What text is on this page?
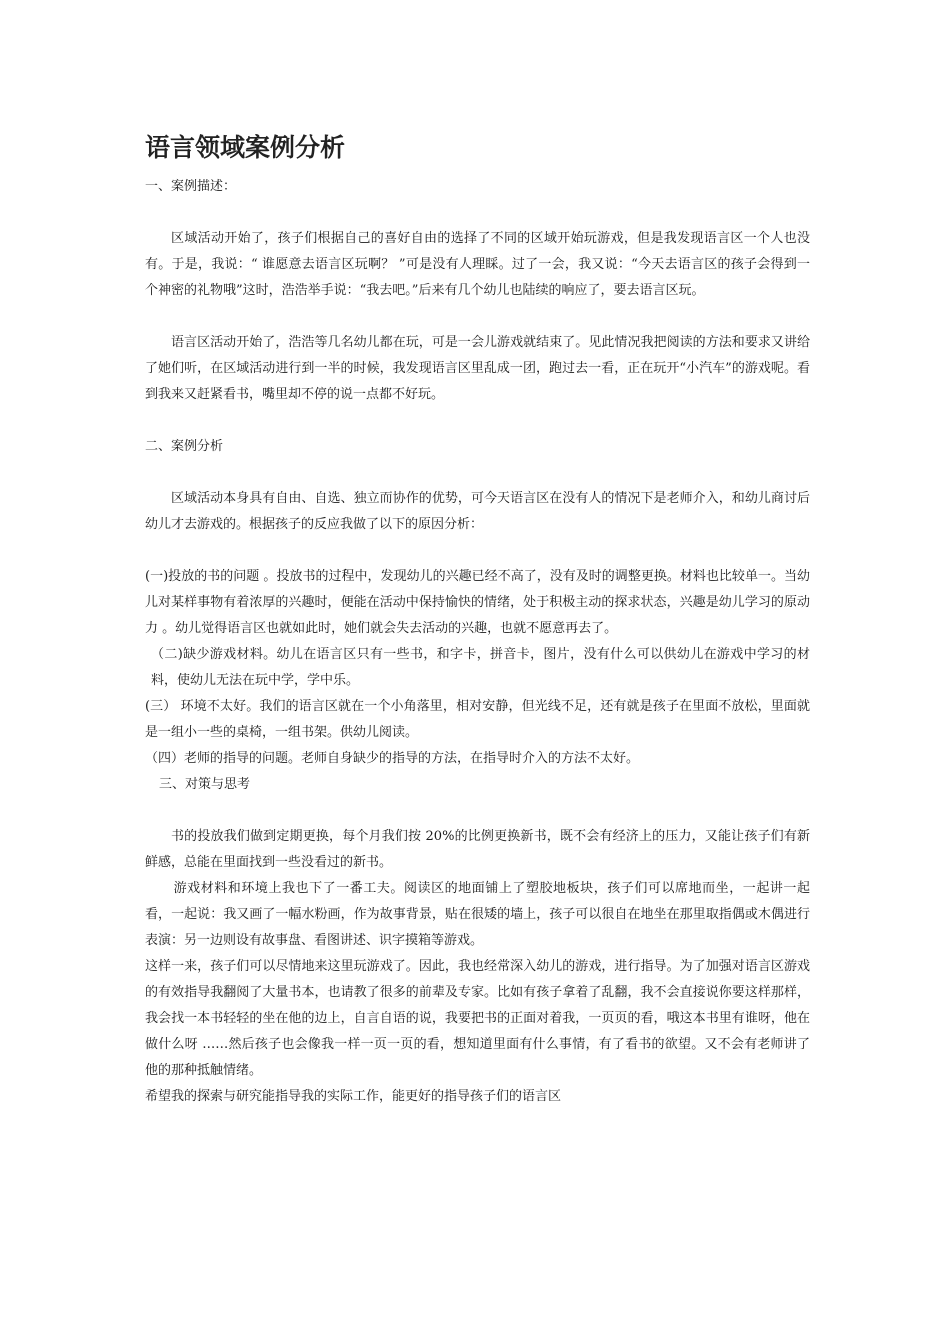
语言领域案例分析

一、案例描述：

区域活动开始了，孩子们根据自己的喜好自由的选择了不同的区域开始玩游戏，但是我发现语言区一个人也没有。于是，我说：“ 谁愿意去语言区玩啊？ ”可是没有人理睬。过了一会，我又说：“今天去语言区的孩子会得到一个神密的礼物哦”这时，浩浩举手说：“我去吧。”后来有几个幼儿也陆续的响应了，要去语言区玩。

语言区活动开始了，浩浩等几名幼儿都在玩，可是一会儿游戏就结束了。见此情况我把阅读的方法和要求又讲给了她们听，在区域活动进行到一半的时候，我发现语言区里乱成一团，跑过去一看，正在玩开“小汽车”的游戏呢。看到我来又赶紧看书，嘴里却不停的说一点都不好玩。

二、案例分析

区域活动本身具有自由、自选、独立而协作的优势，可今天语言区在没有人的情况下是老师介入，和幼儿商讨后幼儿才去游戏的。根据孩子的反应我做了以下的原因分析：

(一)投放的书的问题 。投放书的过程中，发现幼儿的兴趣已经不高了，没有及时的调整更换。材料也比较单一。当幼儿对某样事物有着浓厚的兴趣时，便能在活动中保持愉快的情绪，处于积极主动的探求状态，兴趣是幼儿学习的原动力 。幼儿觉得语言区也就如此时，她们就会失去活动的兴趣，也就不愿意再去了。

（二)缺少游戏材料。幼儿在语言区只有一些书，和字卡，拼音卡，图片，没有什么可以供幼儿在游戏中学习的材料，使幼儿无法在玩中学，学中乐。

(三） 环境不太好。我们的语言区就在一个小角落里，相对安静，但光线不足，还有就是孩子在里面不放松，里面就是一组小一些的桌椅，一组书架。供幼儿阅读。

（四）老师的指导的问题。老师自身缺少的指导的方法，在指导时介入的方法不太好。

三、对策与思考

书的投放我们做到定期更换，每个月我们按 20%的比例更换新书，既不会有经济上的压力，又能让孩子们有新鲜感，总能在里面找到一些没看过的新书。

游戏材料和环境上我也下了一番工夫。阅读区的地面铺上了塑胶地板块，孩子们可以席地而坐，一起讲一起看，一起说：我又画了一幅水粉画，作为故事背景，贴在很矮的墙上，孩子可以很自在地坐在那里取指偶或木偶进行表演：另一边则设有故事盘、看图讲述、识字摸箱等游戏。

这样一来，孩子们可以尽情地来这里玩游戏了。因此，我也经常深入幼儿的游戏，进行指导。为了加强对语言区游戏的有效指导我翻阅了大量书本，也请教了很多的前辈及专家。比如有孩子拿着了乱翻，我不会直接说你要这样那样，我会找一本书轻轻的坐在他的边上，自言自语的说，我要把书的正面对着我，一页页的看，哦这本书里有谁呀，他在做什么呀 ……然后孩子也会像我一样一页一页的看，想知道里面有什么事情，有了看书的欲望。又不会有老师讲了他的那种抵触情绪。

希望我的探索与研究能指导我的实际工作，能更好的指导孩子们的语言区
